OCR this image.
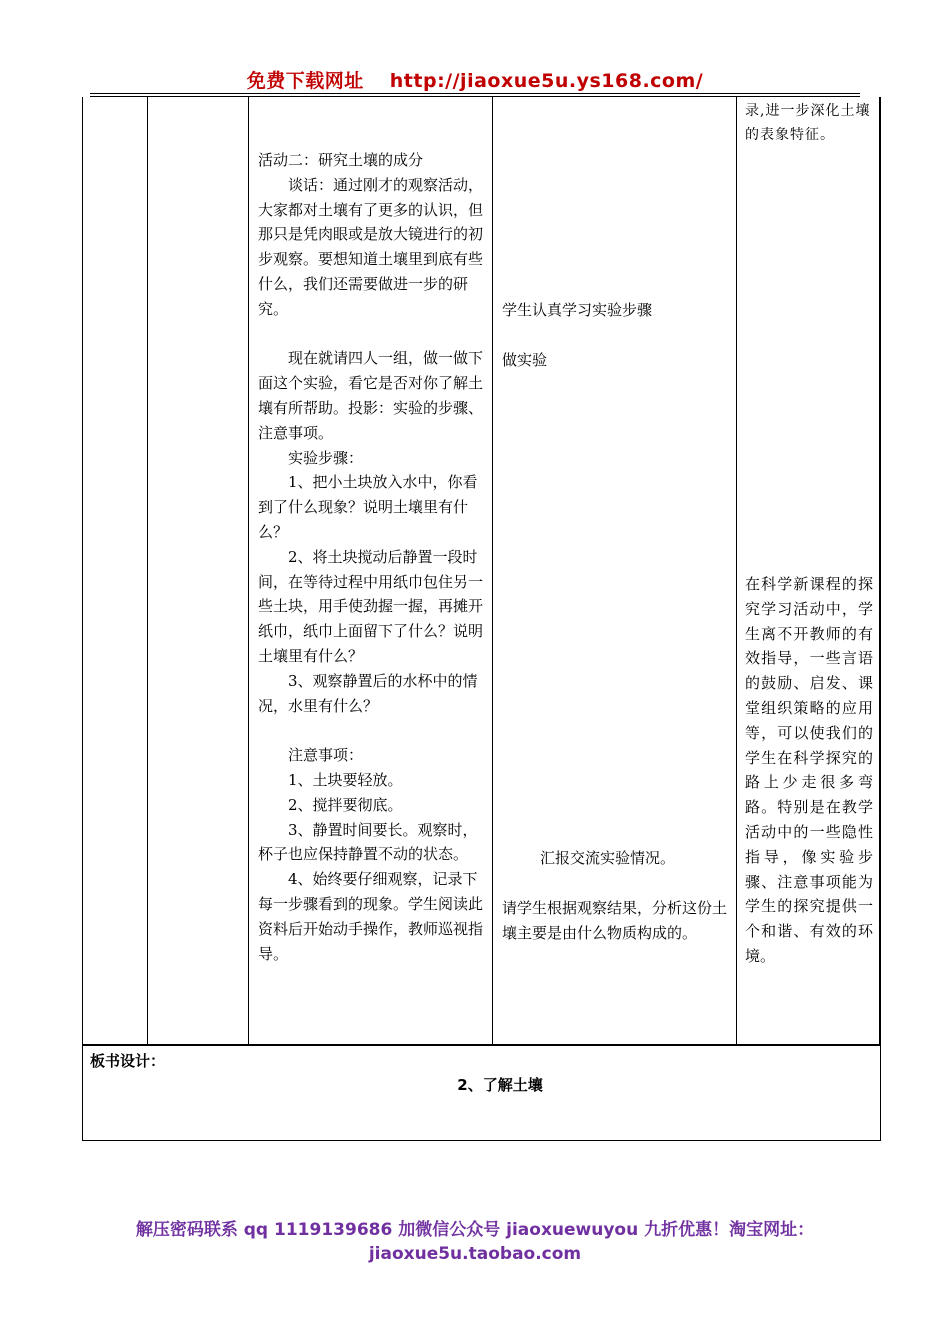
免费下载网址 http://jiaoxue5u.ys168.com/

活动二：研究土壤的成分

谈话：通过刚才的观察活动，大家都对土壤有了更多的认识，但那只是凭肉眼或是放大镜进行的初步观察。要想知道土壤里到底有些什么，我们还需要做进一步的研究。

现在就请四人一组，做一做下面这个实验，看它是否对你了解土壤有所帮助。投影：实验的步骤、注意事项。

实验步骤：

1、把小土块放入水中，你看到了什么现象？说明土壤里有什么？

2、将土块搅动后静置一段时间，在等待过程中用纸巾包住另一些土块，用手使劲握一握，再摊开纸巾，纸巾上面留下了什么？说明土壤里有什么？

3、观察静置后的水杯中的情况，水里有什么？

注意事项：

1、土块要轻放。

2、搅拌要彻底。

3、静置时间要长。观察时，杯子也应保持静置不动的状态。

4、始终要仔细观察，记录下每一步骤看到的现象。学生阅读此资料后开始动手操作，教师巡视指导。

学生认真学习实验步骤
做实验
汇报交流实验情况。
请学生根据观察结果，分析这份土壤主要是由什么物质构成的。
录,进一步深化土壤的表象特征。
在科学新课程的探究学习活动中，学生离不开教师的有效指导，一些言语的鼓励、启发、课堂组织策略的应用等，可以使我们的学生在科学探究的路上少走很多弯路。特别是在教学活动中的一些隐性指导，像实验步骤、注意事项能为学生的探究提供一个和谐、有效的环境。
板书设计：
2、了解土壤
解压密码联系 qq 1119139686 加微信公众号 jiaoxuewuyou 九折优惠！淘宝网址：
jiaoxue5u.taobao.com
